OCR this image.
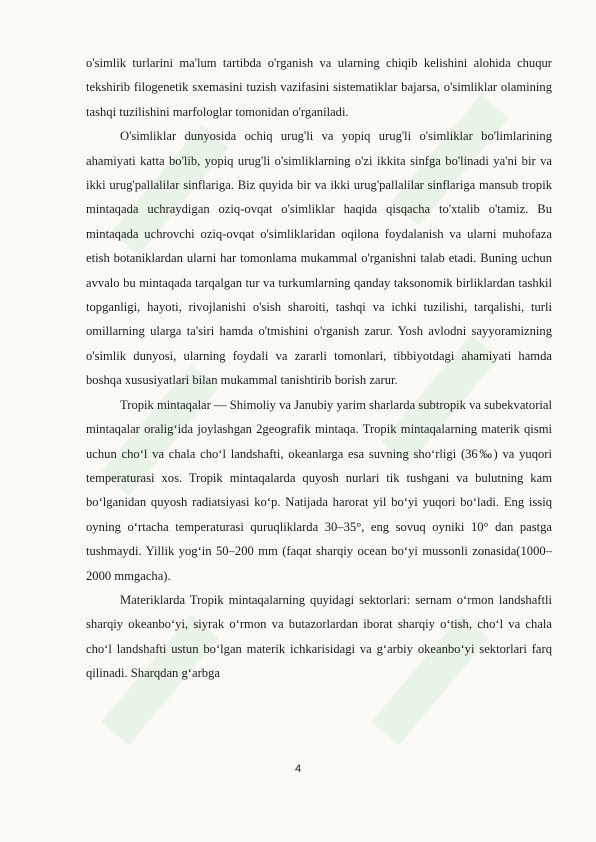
o'simlik turlarini ma'lum tartibda o'rganish va ularning chiqib kelishini alohida chuqur tekshirib filogenetik sxemasini tuzish vazifasini sistematiklar bajarsa, o'simliklar olamining tashqi tuzilishini marfologlar tomonidan o'rganiladi.

O'simliklar dunyosida ochiq urug'li va yopiq urug'li o'simliklar bo'limlarining ahamiyati katta bo'lib, yopiq urug'li o'simliklarning o'zi ikkita sinfga bo'linadi ya'ni bir va ikki urug'pallalilar sinflariga. Biz quyida bir va ikki urug'pallalilar sinflariga mansub tropik mintaqada uchraydigan oziq-ovqat o'simliklar haqida qisqacha to'xtalib o'tamiz. Bu mintaqada uchrovchi oziq-ovqat o'simliklaridan oqilona foydalanish va ularni muhofaza etish botaniklardan ularni har tomonlama mukammal o'rganishni talab etadi. Buning uchun avvalo bu mintaqada tarqalgan tur va turkumlarning qanday taksonomik birliklardan tashkil topganligi, hayoti, rivojlanishi o'sish sharoiti, tashqi va ichki tuzilishi, tarqalishi, turli omillarning ularga ta'siri hamda o'tmishini o'rganish zarur. Yosh avlodni sayyoramizning o'simlik dunyosi, ularning foydali va zararli tomonlari, tibbiyotdagi ahamiyati hamda boshqa xususiyatlari bilan mukammal tanishtirib borish zarur.

Tropik mintaqalar — Shimoliy va Janubiy yarim sharlarda subtropik va subekvatorial mintaqalar oralig‘ida joylashgan 2geografik mintaqa. Tropik mintaqalarning materik qismi uchun cho‘l va chala cho‘l landshafti, okeanlarga esa suvning sho‘rligi (36‰) va yuqori temperaturasi xos. Tropik mintaqalarda quyosh nurlari tik tushgani va bulutning kam bo‘lganidan quyosh radiatsiyasi ko‘p. Natijada harorat yil bo‘yi yuqori bo‘ladi. Eng issiq oyning o‘rtacha temperaturasi quruqliklarda 30–35°, eng sovuq oyniki 10° dan pastga tushmaydi. Yillik yog‘in 50–200 mm (faqat sharqiy ocean bo‘yi mussonli zonasida(1000–2000 mmgacha).

Materiklarda Tropik mintaqalarning quyidagi sektorlari: sernam o‘rmon landshaftli sharqiy okeanbo‘yi, siyrak o‘rmon va butazorlardan iborat sharqiy o‘tish, cho‘l va chala cho‘l landshafti ustun bo‘lgan materik ichkarisidagi va g‘arbiy okeanbo‘yi sektorlari farq qilinadi. Sharqdan g‘arbga

4
